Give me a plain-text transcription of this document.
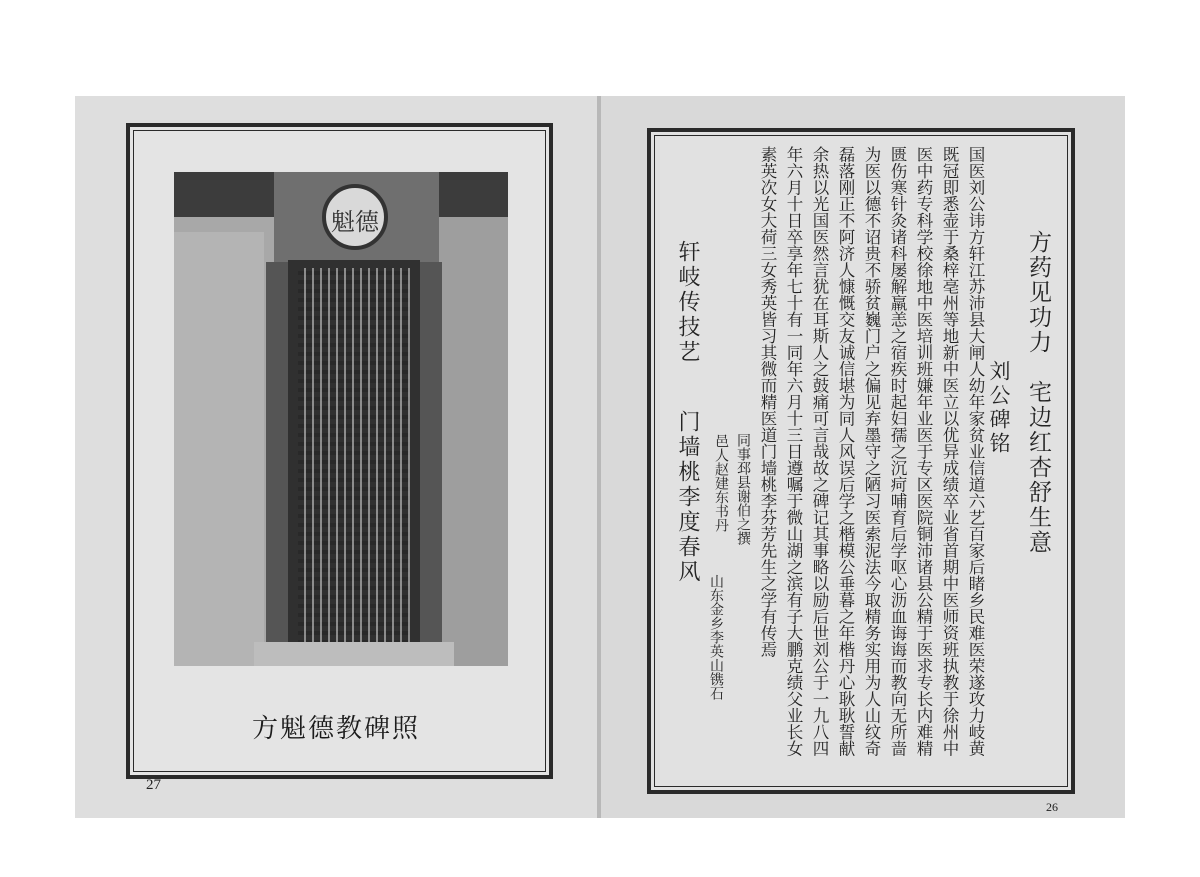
魁德
方魁德教碑照
27
方药见功力　宅边红杏舒生意
刘公碑铭
国医刘公讳方轩江苏沛县大闸人幼年家贫业信道六艺百家后睹乡民难医荣遂攻力岐黄既冠即悉壶于桑梓亳州等地新中医立以优异成绩卒业省首期中医师资班执教于徐州中医中药专科学校徐地中医培训班嫌年业医于专区医院铜沛诸县公精于医求专长内难精匮伤寒针灸诸科屡解羸恙之宿疾时起妇孺之沉疴哺育后学呕心沥血诲诲而教向无所啬为医以德不诏贵不骄贫巍门户之偏见弃墨守之陋习医索泥法今取精务实用为人山纹奇磊落刚正不阿济人慷慨交友诚信堪为同人风误后学之楷模公垂暮之年楷丹心耿耿誓献余热以光国医然言犹在耳斯人之鼓痛可言哉故之碑记其事略以励后世刘公于一九八四年六月十日卒享年七十有一同年六月十三日遵嘱于微山湖之滨有子大鹏克绩父业长女素英次女大荷三女秀英皆习其微而精医道门墙桃李芬芳先生之学有传焉
同事邳县谢伯之撰
邑人赵建东书丹
山东金乡李英山镌石
轩岐传技艺
门墙桃李度春风
26
